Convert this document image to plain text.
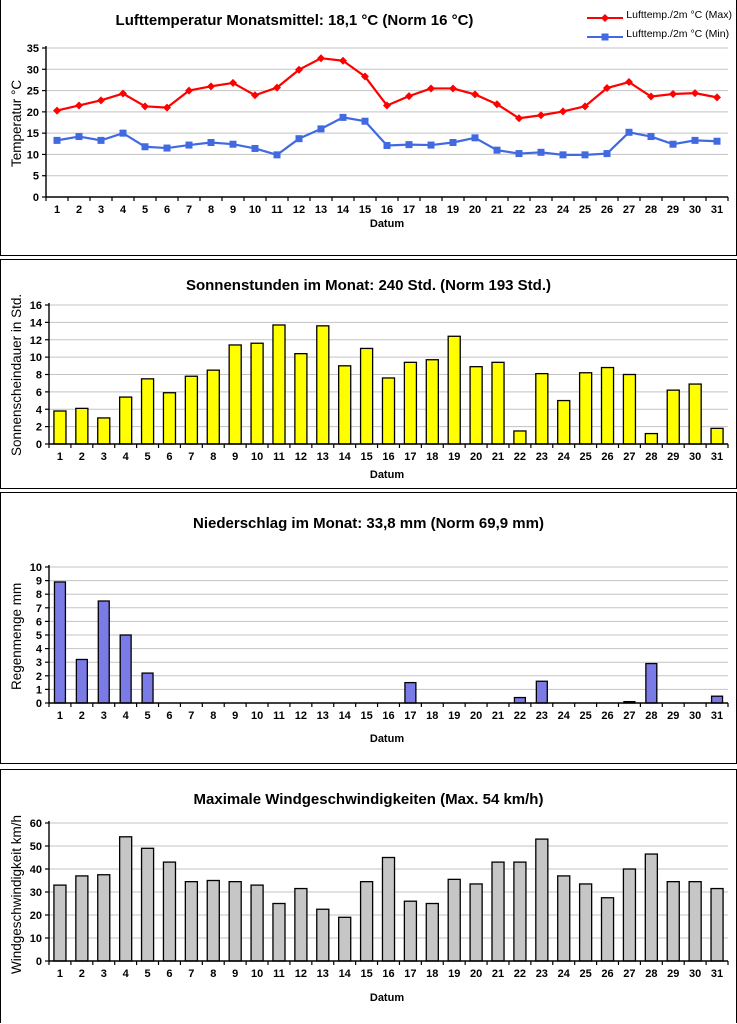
Lufttemperatur Monatsmittel: 18,1 °C (Norm 16 °C)	Lufttemp./2m °C (Max)
Lufttemp./2m °C (Min)
Temperatur °C
0
5
10
15
20
25
30
35
1 2 3 4 5 6 7 8 9 10 11 12 13 14 15 16 17 18 19 20 21 22 23 24 25 26 27 28 29 30 31
Datum
Sonnenstunden im Monat: 240 Std. (Norm 193 Std.)
Sonnenscheindauer in Std. 0
2
4
6
8
10
12
14
16
1 2 3 4 5 6 7 8 9 10 11 12 13 14 15 16 17 18 19 20 21 22 23 24 25 26 27 28 29 30 31
Datum
Niederschlag im Monat: 33,8 mm (Norm 69,9 mm)
Regenmenge mm
0
1
2
3
4
5
6
7
8
9
10
1 2 3 4 5 6 7 8 9 10 11 12 13 14 15 16 17 18 19 20 21 22 23 24 25 26 27 28 29 30 31
Datum
Maximale Windgeschwindigkeiten (Max. 54 km/h)
Windgeschwindigkeit km/h 0
10
20
30
40
50
60
1 2 3 4 5 6 7 8 9 10 11 12 13 14 15 16 17 18 19 20 21 22 23 24 25 26 27 28 29 30 31
Datum
